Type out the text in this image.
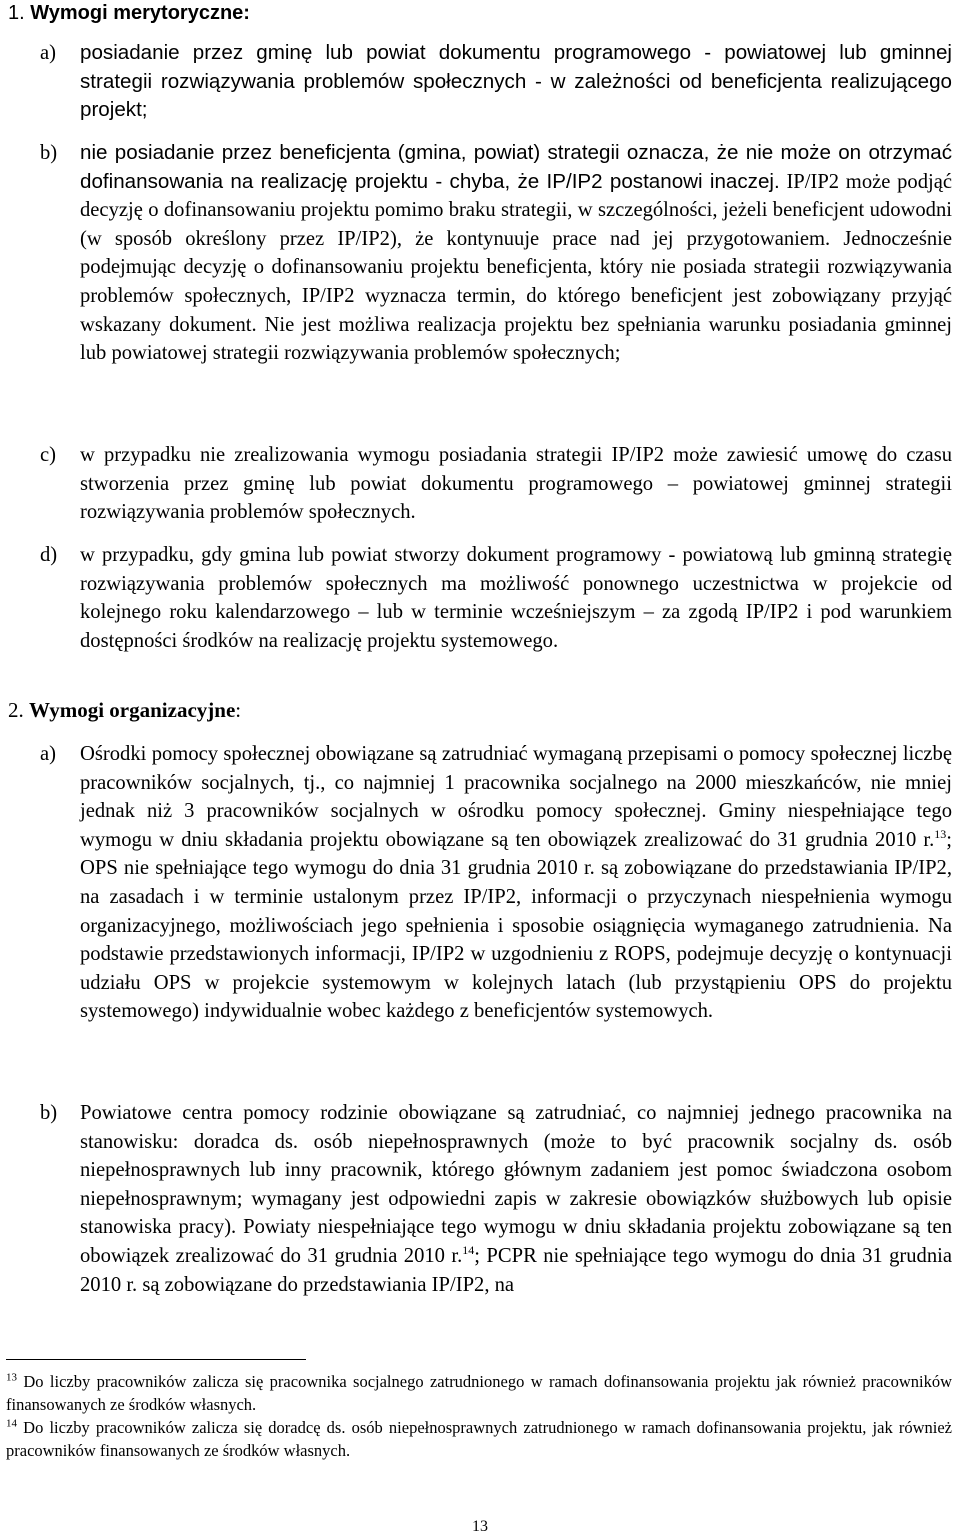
1. Wymogi merytoryczne:
a) posiadanie przez gminę lub powiat dokumentu programowego - powiatowej lub gminnej strategii rozwiązywania problemów społecznych - w zależności od beneficjenta realizującego projekt;
b) nie posiadanie przez beneficjenta (gmina, powiat) strategii oznacza, że nie może on otrzymać dofinansowania na realizację projektu - chyba, że IP/IP2 postanowi inaczej. IP/IP2 może podjąć decyzję o dofinansowaniu projektu pomimo braku strategii, w szczególności, jeżeli beneficjent udowodni (w sposób określony przez IP/IP2), że kontynuuje prace nad jej przygotowaniem. Jednocześnie podejmując decyzję o dofinansowaniu projektu beneficjenta, który nie posiada strategii rozwiązywania problemów społecznych, IP/IP2 wyznacza termin, do którego beneficjent jest zobowiązany przyjąć wskazany dokument. Nie jest możliwa realizacja projektu bez spełniania warunku posiadania gminnej lub powiatowej strategii rozwiązywania problemów społecznych;
c) w przypadku nie zrealizowania wymogu posiadania strategii IP/IP2 może zawiesić umowę do czasu stworzenia przez gminę lub powiat dokumentu programowego – powiatowej gminnej strategii rozwiązywania problemów społecznych.
d) w przypadku, gdy gmina lub powiat stworzy dokument programowy - powiatową lub gminną strategię rozwiązywania problemów społecznych ma możliwość ponownego uczestnictwa w projekcie od kolejnego roku kalendarzowego – lub w terminie wcześniejszym – za zgodą IP/IP2 i pod warunkiem dostępności środków na realizację projektu systemowego.
2. Wymogi organizacyjne:
a) Ośrodki pomocy społecznej obowiązane są zatrudniać wymaganą przepisami o pomocy społecznej liczbę pracowników socjalnych, tj., co najmniej 1 pracownika socjalnego na 2000 mieszkańców, nie mniej jednak niż 3 pracowników socjalnych w ośrodku pomocy społecznej. Gminy niespełniające tego wymogu w dniu składania projektu obowiązane są ten obowiązek zrealizować do 31 grudnia 2010 r.$^{13}$; OPS nie spełniające tego wymogu do dnia 31 grudnia 2010 r. są zobowiązane do przedstawiania IP/IP2, na zasadach i w terminie ustalonym przez IP/IP2, informacji o przyczynach niespełnienia wymogu organizacyjnego, możliwościach jego spełnienia i sposobie osiągnięcia wymaganego zatrudnienia. Na podstawie przedstawionych informacji, IP/IP2 w uzgodnieniu z ROPS, podejmuje decyzję o kontynuacji udziału OPS w projekcie systemowym w kolejnych latach (lub przystąpieniu OPS do projektu systemowego) indywidualnie wobec każdego z beneficjentów systemowych.
b) Powiatowe centra pomocy rodzinie obowiązane są zatrudniać, co najmniej jednego pracownika na stanowisku: doradca ds. osób niepełnosprawnych (może to być pracownik socjalny ds. osób niepełnosprawnych lub inny pracownik, którego głównym zadaniem jest pomoc świadczona osobom niepełnosprawnym; wymagany jest odpowiedni zapis w zakresie obowiązków służbowych lub opisie stanowiska pracy). Powiaty niespełniające tego wymogu w dniu składania projektu zobowiązane są ten obowiązek zrealizować do 31 grudnia 2010 r.$^{14}$; PCPR nie spełniające tego wymogu do dnia 31 grudnia 2010 r. są zobowiązane do przedstawiania IP/IP2, na

$^{13}$ Do liczby pracowników zalicza się pracownika socjalnego zatrudnionego w ramach dofinansowania projektu jak również pracowników finansowanych ze środków własnych.

$^{14}$ Do liczby pracowników zalicza się doradcę ds. osób niepełnosprawnych zatrudnionego w ramach dofinansowania projektu, jak również pracowników finansowanych ze środków własnych.

13
